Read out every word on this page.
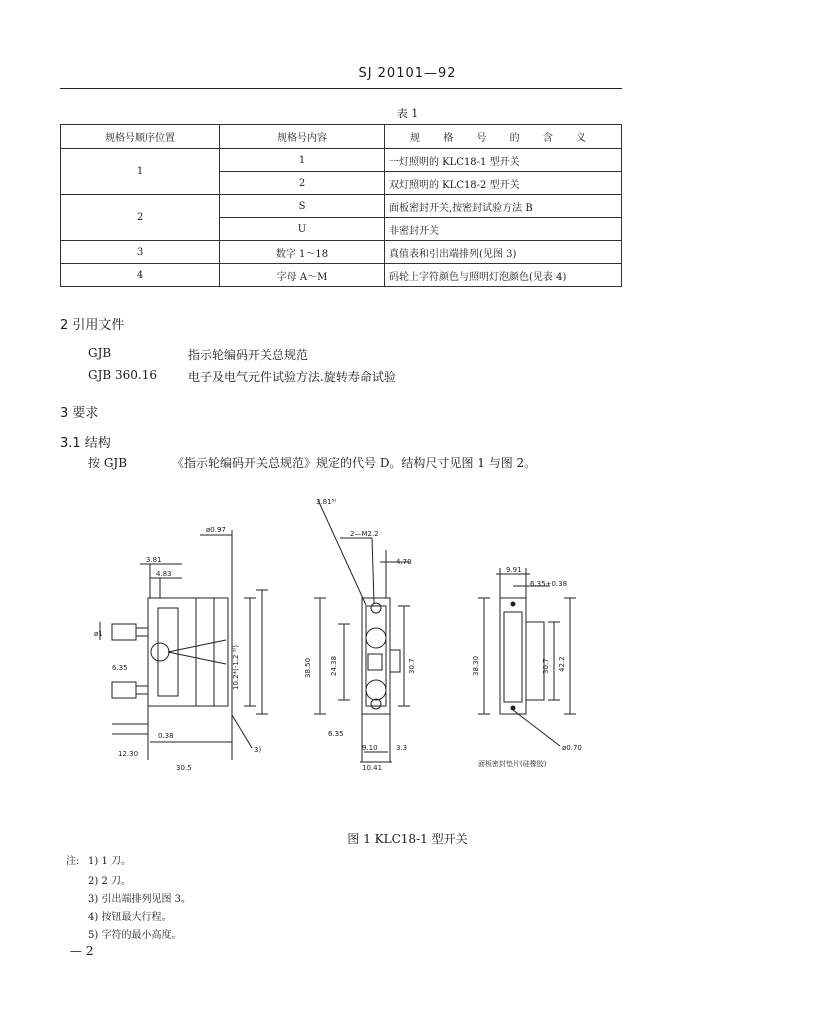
SJ 20101—92
表 1
规格号顺序位置	规格号内容	规 格 号 的 含 义
1	1	一灯照明的 KLC18-1 型开关
	2	双灯照明的 KLC18-2 型开关
2	S	面板密封开关,按密封试验方法 B
	U	非密封开关
3	数字 1～18	真值表和引出端排列(见图 3)
4	字母 A～M	码轮上字符颜色与照明灯泡颜色(见表 4)
2 引用文件
GJB	指示轮编码开关总规范
GJB 360.16	电子及电气元件试验方法.旋转寿命试验
3 要求
3.1 结构
按 GJB	《指示轮编码开关总规范》规定的代号 D。结构尺寸见图 1 与图 2。
ø0.97
3.81
4.83
ø1
6.35	10.2*(-1.2 ³⁾)
0.38
12.30
30.5
3)
3.81⁵⁾
2—M2.2
4.70
38.50	24.38	30.7
6.35
9.10
10.41
3.3
9.91
6.35+0.38
38.30	30.7 42.2
ø0.70
面板密封垫片(硅橡胶)
图 1 KLC18-1 型开关
注: 1) 1 刀。
2) 2 刀。
3) 引出端排列见图 3。
4) 按钮最大行程。
5) 字符的最小高度。
— 2
